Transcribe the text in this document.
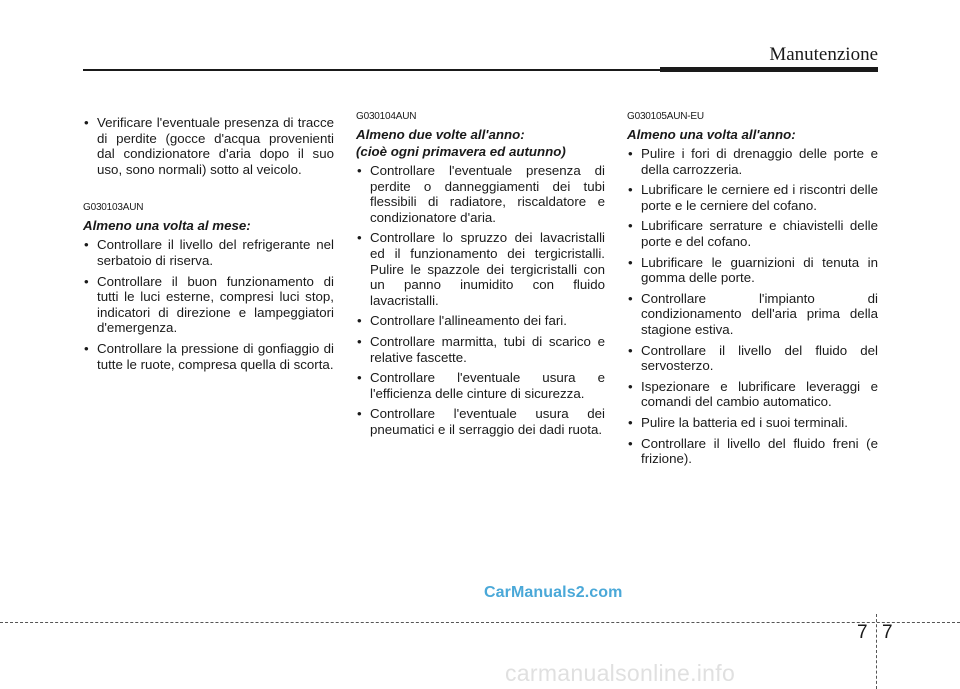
Manutenzione
• Verificare l'eventuale presenza di tracce di perdite (gocce d'acqua provenienti dal condizionatore d'aria dopo il suo uso, sono normali) sotto al veicolo.
G030103AUN
Almeno una volta al mese:
• Controllare il livello del refrigerante nel serbatoio di riserva.
• Controllare il buon funzionamento di tutti le luci esterne, compresi luci stop, indicatori di direzione e lampeggiatori d'emergenza.
• Controllare la pressione di gonfiaggio di tutte le ruote, compresa quella di scorta.
G030104AUN
Almeno due volte all'anno:
(cioè ogni primavera ed autunno)
• Controllare l'eventuale presenza di perdite o danneggiamenti dei tubi flessibili di radiatore, riscaldatore e condizionatore d'aria.
• Controllare lo spruzzo dei lavacristalli ed il funzionamento dei tergicristalli. Pulire le spazzole dei tergicristalli con un panno inumidito con fluido lavacristalli.
• Controllare l'allineamento dei fari.
• Controllare marmitta, tubi di scarico e relative fascette.
• Controllare l'eventuale usura e l'efficienza delle cinture di sicurezza.
• Controllare l'eventuale usura dei pneumatici e il serraggio dei dadi ruota.
G030105AUN-EU
Almeno una volta all'anno:
• Pulire i fori di drenaggio delle porte e della carrozzeria.
• Lubrificare le cerniere ed i riscontri delle porte e le cerniere del cofano.
• Lubrificare serrature e chiavistelli delle porte e del cofano.
• Lubrificare le guarnizioni di tenuta in gomma delle porte.
• Controllare l'impianto di condizionamento dell'aria prima della stagione estiva.
• Controllare il livello del fluido del servosterzo.
• Ispezionare e lubrificare leveraggi e comandi del cambio automatico.
• Pulire la batteria ed i suoi terminali.
• Controllare il livello del fluido freni (e frizione).
CarManuals2.com
7 7
carmanualsonline.info
